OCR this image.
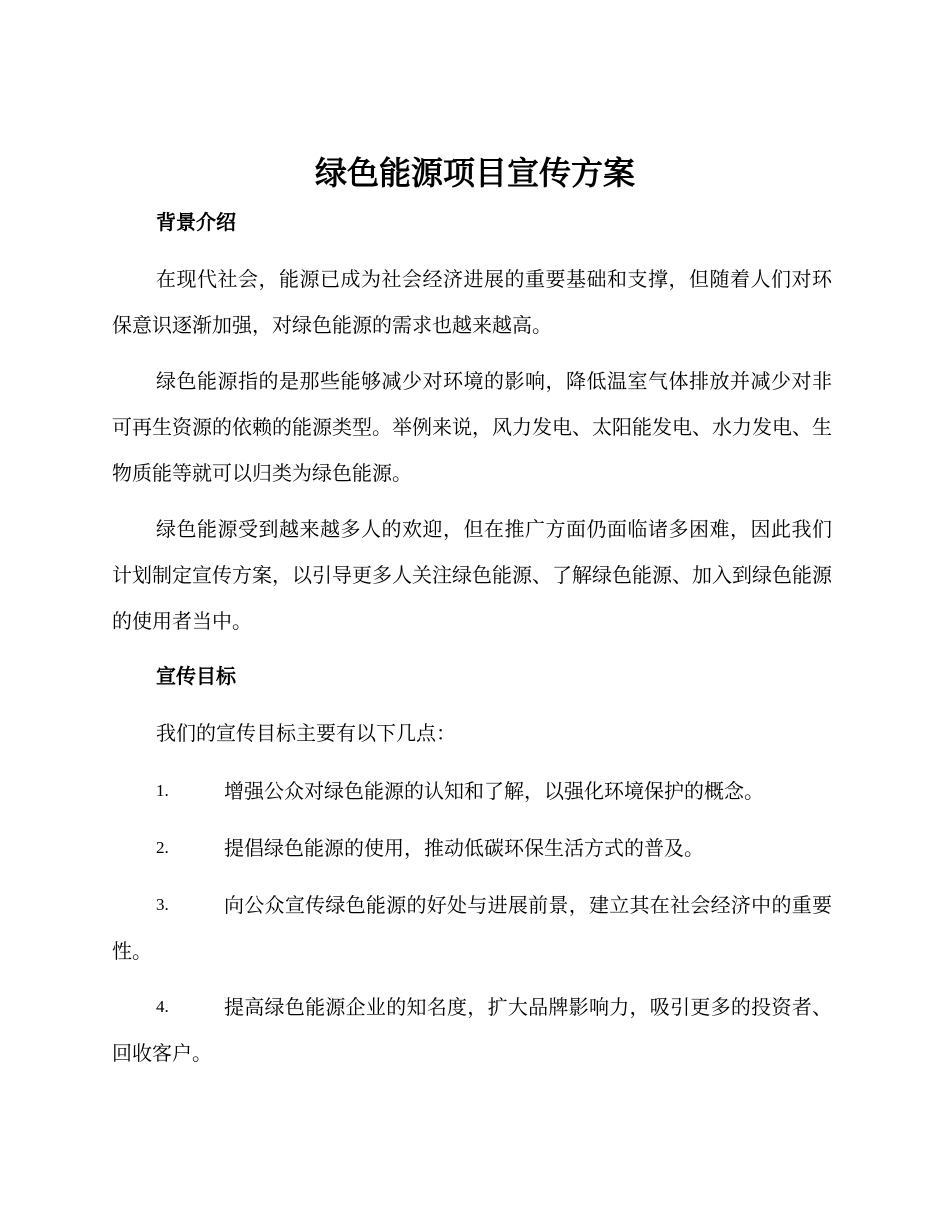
绿色能源项目宣传方案
背景介绍

在现代社会，能源已成为社会经济进展的重要基础和支撑，但随着人们对环保意识逐渐加强，对绿色能源的需求也越来越高。

绿色能源指的是那些能够减少对环境的影响，降低温室气体排放并减少对非可再生资源的依赖的能源类型。举例来说，风力发电、太阳能发电、水力发电、生物质能等就可以归类为绿色能源。

绿色能源受到越来越多人的欢迎，但在推广方面仍面临诸多困难，因此我们计划制定宣传方案，以引导更多人关注绿色能源、了解绿色能源、加入到绿色能源的使用者当中。

宣传目标

我们的宣传目标主要有以下几点：

1.	增强公众对绿色能源的认知和了解，以强化环境保护的概念。
2.	提倡绿色能源的使用，推动低碳环保生活方式的普及。
3.	向公众宣传绿色能源的好处与进展前景，建立其在社会经济中的重要性。
4.	提高绿色能源企业的知名度，扩大品牌影响力，吸引更多的投资者、回收客户。
